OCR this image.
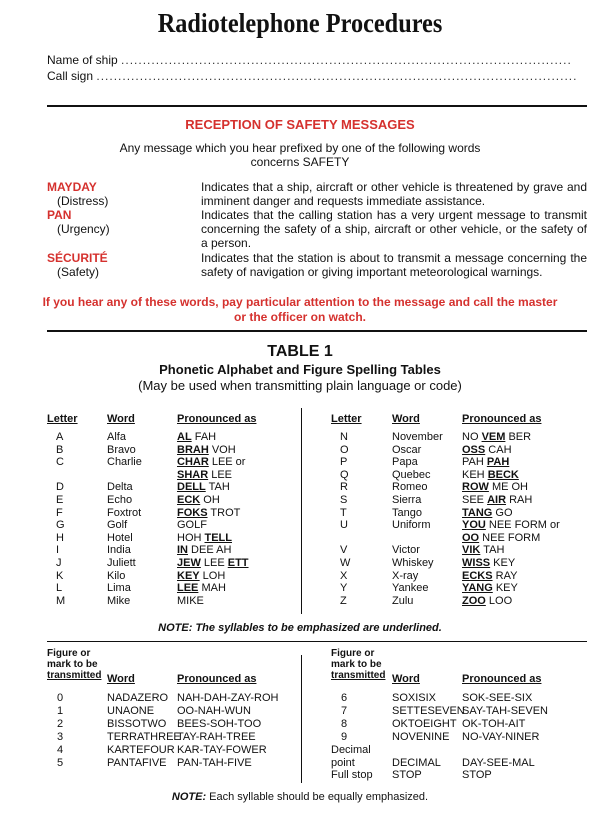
Radiotelephone Procedures
Name of ship ........................................................................................................
Call sign ...............................................................................................................
RECEPTION OF SAFETY MESSAGES
Any message which you hear prefixed by one of the following words
concerns SAFETY
MAYDAY
(Distress)
Indicates that a ship, aircraft or other vehicle is threatened by grave and imminent danger and requests immediate assistance.
PAN
(Urgency)
Indicates that the calling station has a very urgent message to transmit concerning the safety of a ship, aircraft or other vehicle, or the safety of a person.
SÉCURITÉ
(Safety)
Indicates that the station is about to transmit a message concerning the safety of navigation or giving important meteorological warnings.
If you hear any of these words, pay particular attention to the message and call the master
or the officer on watch.
TABLE 1
Phonetic Alphabet and Figure Spelling Tables
(May be used when transmitting plain language or code)
Letter	Word	Pronounced as	Letter	Word	Pronounced as
A	Alfa	AL FAH
B	Bravo	BRAH VOH
C	Charlie	CHAR LEE or
SHAR LEE
D	Delta	DELL TAH
E	Echo	ECK OH
F	Foxtrot	FOKS TROT
G	Golf	GOLF
H	Hotel	HOH TELL
I	India	IN DEE AH
J	Juliett	JEW LEE ETT
K	Kilo	KEY LOH
L	Lima	LEE MAH
M	Mike	MIKE
N	November NO VEM BER
O	Oscar	OSS CAH
P	Papa	PAH PAH
Q	Quebec	KEH BECK
R	Romeo	ROW ME OH
S	Sierra	SEE AIR RAH
T	Tango	TANG GO
U	Uniform	YOU NEE FORM or
OO NEE FORM
V	Victor	VIK TAH
W	Whiskey	WISS KEY
X	X-ray	ECKS RAY
Y	Yankee	YANG KEY
Z	Zulu	ZOO LOO
NOTE: The syllables to be emphasized are underlined.
Figure or
mark to be
transmitted Word	Pronounced as
Figure or
mark to be
transmitted Word	Pronounced as
0	NADAZERO NAH-DAH-ZAY-ROH
1	UNAONE OO-NAH-WUN
2	BISSOTWO BEES-SOH-TOO
3	TERRATHREE
TAY-RAH-TREE
4	KARTEFOUR KAR-TAY-FOWER
5	PANTAFIVE PAN-TAH-FIVE
6	SOXISIX SOK-SEE-SIX
7	SETTESEVEN
SAY-TAH-SEVEN
8	OKTOEIGHT OK-TOH-AIT
9	NOVENINE NO-VAY-NINER
Decimal
point	DECIMAL DAY-SEE-MAL
Full stop STOP	STOP
NOTE: Each syllable should be equally emphasized.
